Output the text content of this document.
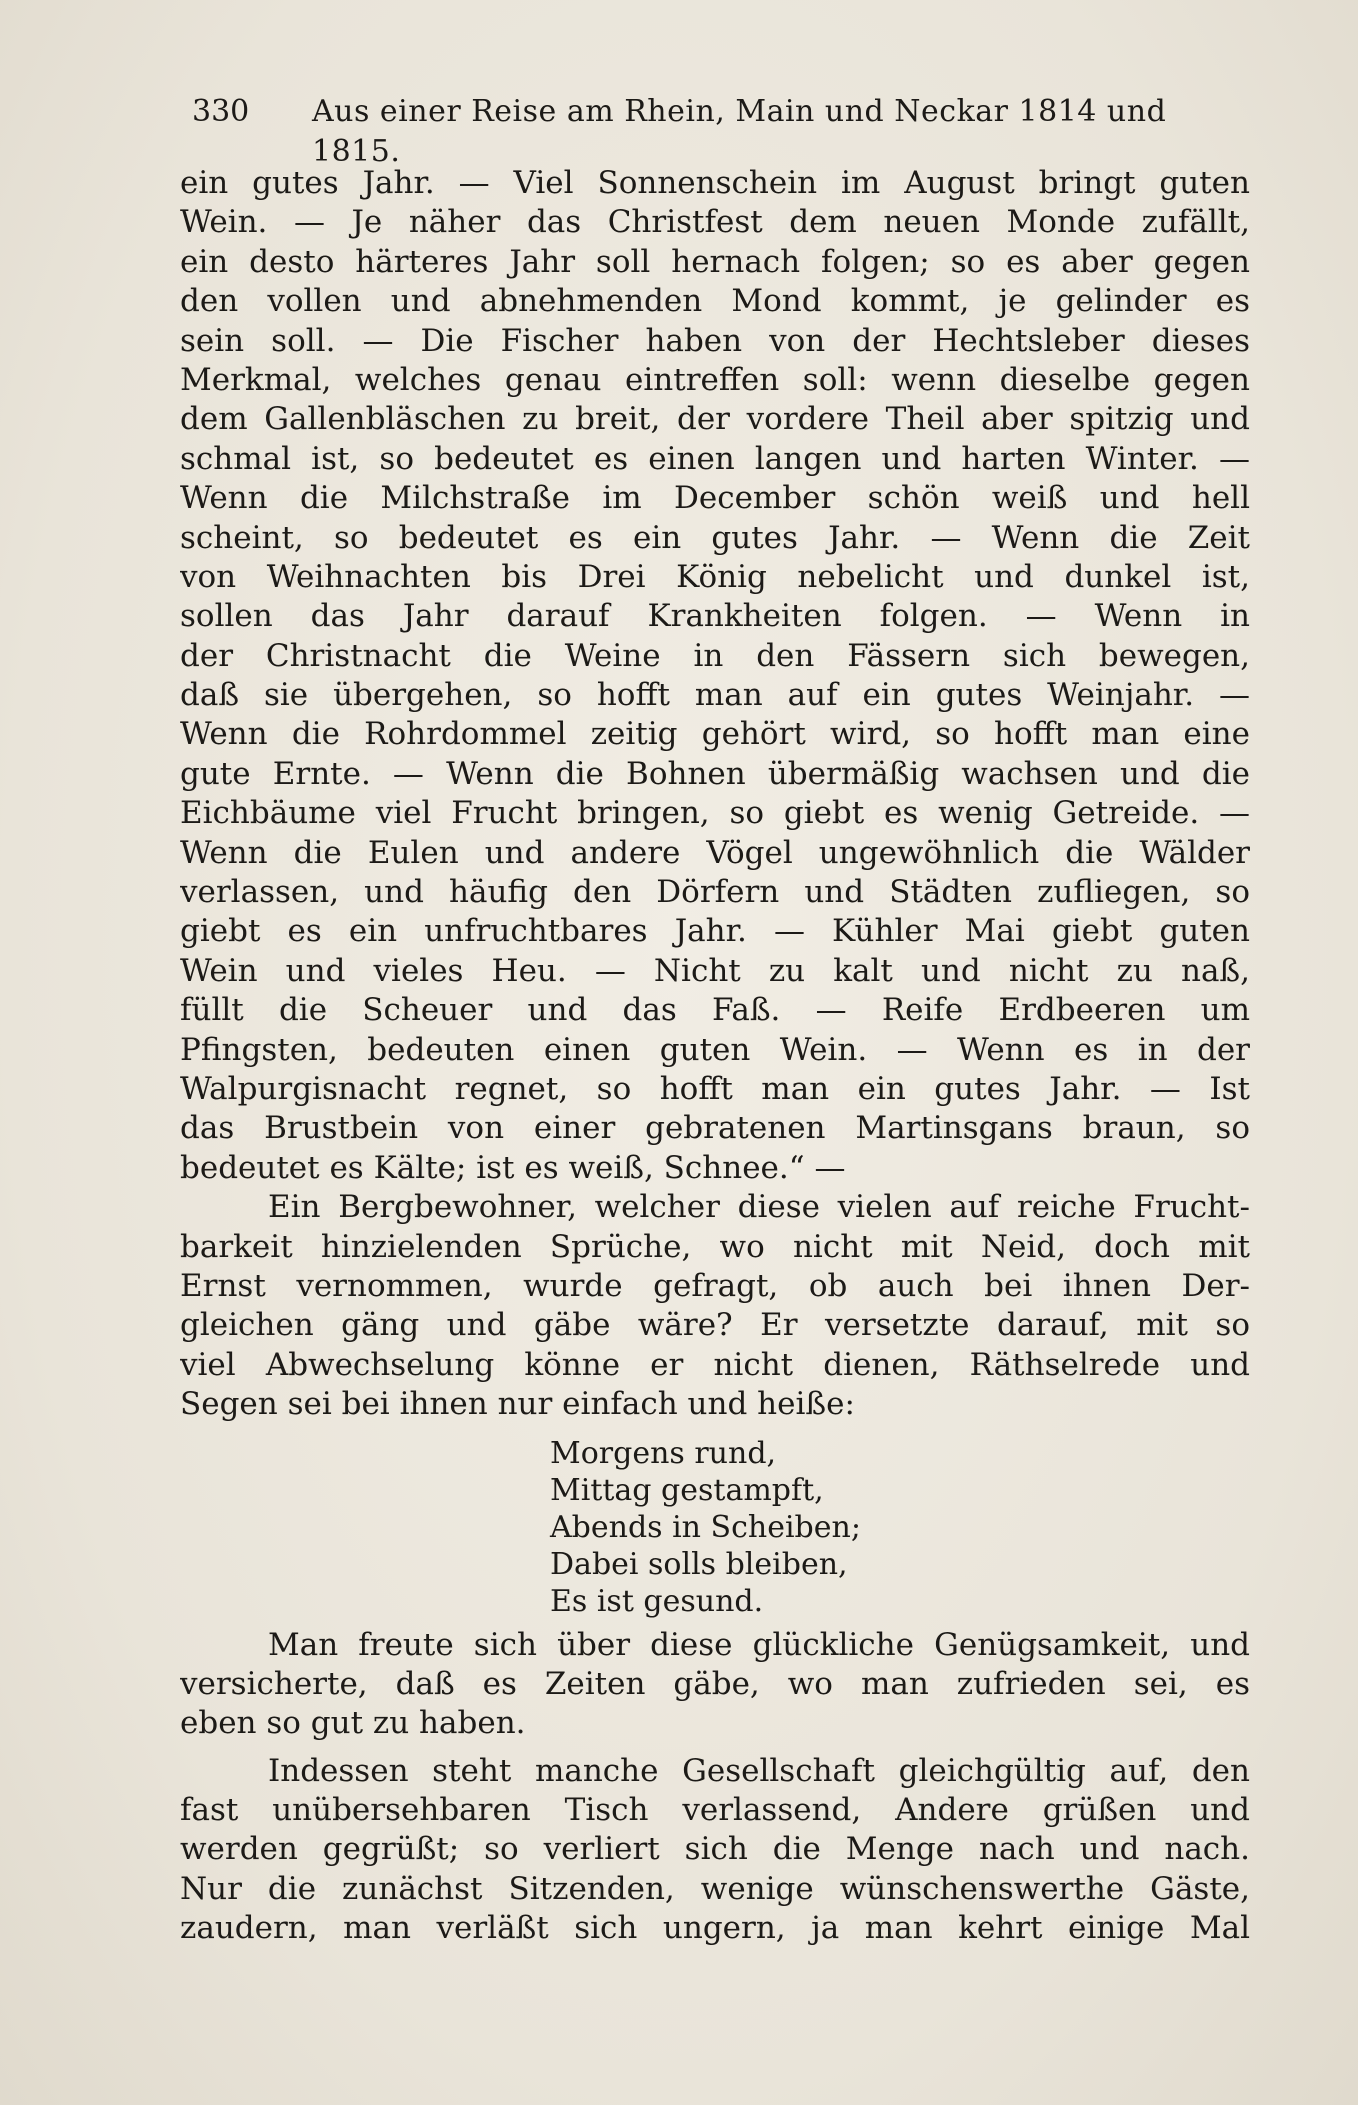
330 Aus einer Reise am Rhein, Main und Neckar 1814 und 1815.
ein gutes Jahr. — Viel Sonnenschein im August bringt guten
Wein. — Je näher das Christfest dem neuen Monde zufällt,
ein desto härteres Jahr soll hernach folgen; so es aber gegen
den vollen und abnehmenden Mond kommt, je gelinder es
sein soll. — Die Fischer haben von der Hechtsleber dieses
Merkmal, welches genau eintreffen soll: wenn dieselbe gegen
dem Gallenbläschen zu breit, der vordere Theil aber spitzig und
schmal ist, so bedeutet es einen langen und harten Winter. —
Wenn die Milchstraße im December schön weiß und hell
scheint, so bedeutet es ein gutes Jahr. — Wenn die Zeit
von Weihnachten bis Drei König nebelicht und dunkel ist,
sollen das Jahr darauf Krankheiten folgen. — Wenn in
der Christnacht die Weine in den Fässern sich bewegen,
daß sie übergehen, so hofft man auf ein gutes Weinjahr. —
Wenn die Rohrdommel zeitig gehört wird, so hofft man eine
gute Ernte. — Wenn die Bohnen übermäßig wachsen und die
Eichbäume viel Frucht bringen, so giebt es wenig Getreide. —
Wenn die Eulen und andere Vögel ungewöhnlich die Wälder
verlassen, und häufig den Dörfern und Städten zufliegen, so
giebt es ein unfruchtbares Jahr. — Kühler Mai giebt guten
Wein und vieles Heu. — Nicht zu kalt und nicht zu naß,
füllt die Scheuer und das Faß. — Reife Erdbeeren um
Pfingsten, bedeuten einen guten Wein. — Wenn es in der
Walpurgisnacht regnet, so hofft man ein gutes Jahr. — Ist
das Brustbein von einer gebratenen Martinsgans braun, so
bedeutet es Kälte; ist es weiß, Schnee.“ —
Ein Bergbewohner, welcher diese vielen auf reiche Frucht-
barkeit hinzielenden Sprüche, wo nicht mit Neid, doch mit
Ernst vernommen, wurde gefragt, ob auch bei ihnen Der-
gleichen gäng und gäbe wäre? Er versetzte darauf, mit so
viel Abwechselung könne er nicht dienen, Räthselrede und
Segen sei bei ihnen nur einfach und heiße:
Morgens rund,
Mittag gestampft,
Abends in Scheiben;
Dabei solls bleiben,
Es ist gesund.
Man freute sich über diese glückliche Genügsamkeit, und
versicherte, daß es Zeiten gäbe, wo man zufrieden sei, es
eben so gut zu haben.
Indessen steht manche Gesellschaft gleichgültig auf, den
fast unübersehbaren Tisch verlassend, Andere grüßen und
werden gegrüßt; so verliert sich die Menge nach und nach.
Nur die zunächst Sitzenden, wenige wünschenswerthe Gäste,
zaudern, man verläßt sich ungern, ja man kehrt einige Mal
